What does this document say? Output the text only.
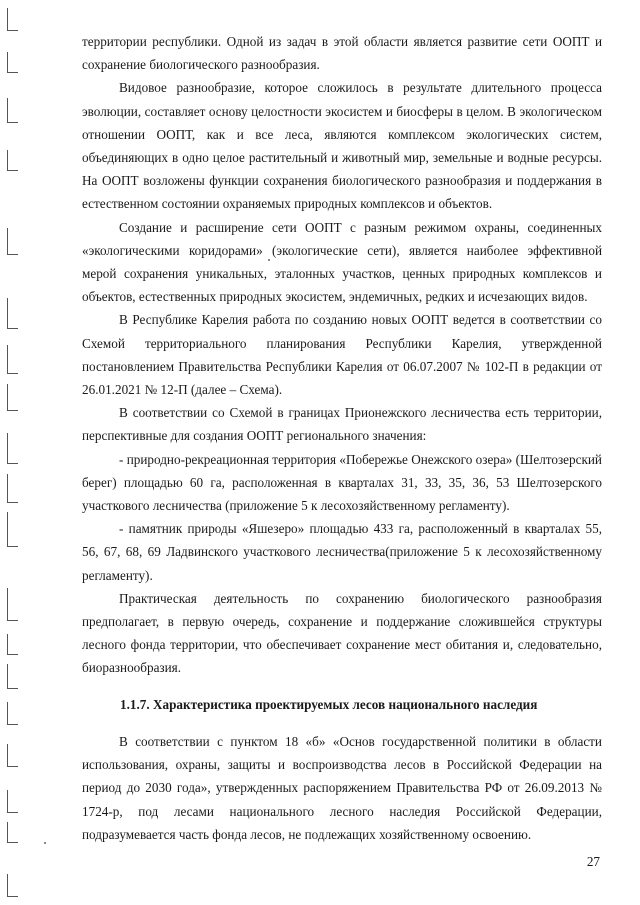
территории республики. Одной из задач в этой области является развитие сети ООПТ и сохранение биологического разнообразия.

Видовое разнообразие, которое сложилось в результате длительного процесса эволюции, составляет основу целостности экосистем и биосферы в целом. В экологическом отношении ООПТ, как и все леса, являются комплексом экологических систем, объединяющих в одно целое растительный и животный мир, земельные и водные ресурсы. На ООПТ возложены функции сохранения биологического разнообразия и поддержания в естественном состоянии охраняемых природных комплексов и объектов.

Создание и расширение сети ООПТ с разным режимом охраны, соединенных «экологическими коридорами» (экологические сети), является наиболее эффективной мерой сохранения уникальных, эталонных участков, ценных природных комплексов и объектов, естественных природных экосистем, эндемичных, редких и исчезающих видов.

В Республике Карелия работа по созданию новых ООПТ ведется в соответствии со Схемой территориального планирования Республики Карелия, утвержденной постановлением Правительства Республики Карелия от 06.07.2007 № 102-П в редакции от 26.01.2021 № 12-П (далее – Схема).

В соответствии со Схемой в границах Прионежского лесничества есть территории, перспективные для создания ООПТ регионального значения:

- природно-рекреационная территория «Побережье Онежского озера» (Шелтозерский берег) площадью 60 га, расположенная в кварталах 31, 33, 35, 36, 53 Шелтозерского участкового лесничества (приложение 5 к лесохозяйственному регламенту).

- памятник природы «Яшезеро» площадью 433 га, расположенный в кварталах 55, 56, 67, 68, 69 Ладвинского участкового лесничества(приложение 5 к лесохозяйственному регламенту).

Практическая деятельность по сохранению биологического разнообразия предполагает, в первую очередь, сохранение и поддержание сложившейся структуры лесного фонда территории, что обеспечивает сохранение мест обитания и, следовательно, биоразнообразия.

1.1.7. Характеристика проектируемых лесов национального наследия

В соответствии с пунктом 18 «б» «Основ государственной политики в области использования, охраны, защиты и воспроизводства лесов в Российской Федерации на период до 2030 года», утвержденных распоряжением Правительства РФ от 26.09.2013 № 1724-р, под лесами национального лесного наследия Российской Федерации, подразумевается часть фонда лесов, не подлежащих хозяйственному освоению.

27
